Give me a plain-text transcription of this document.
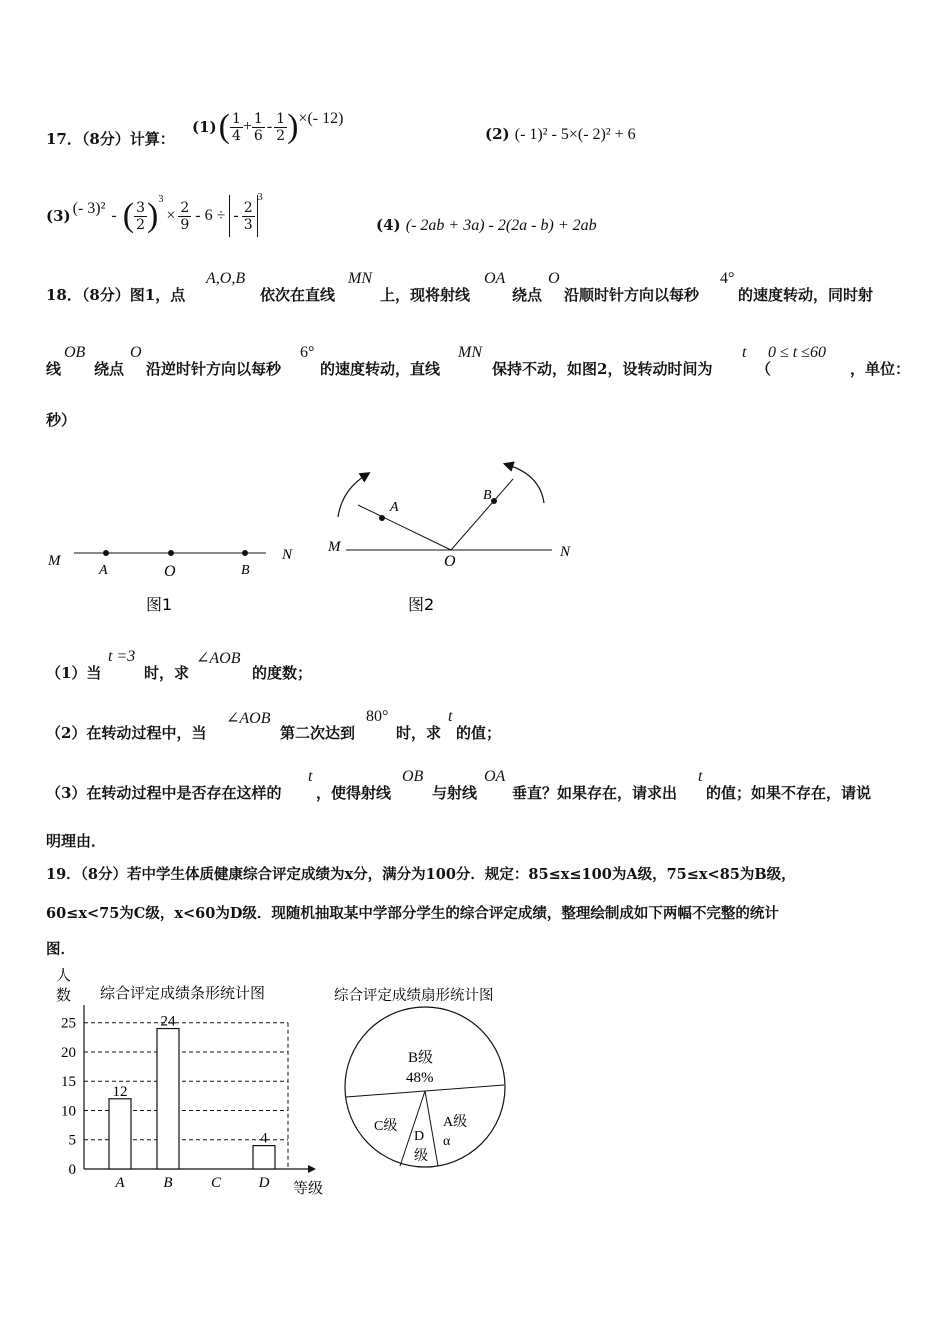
17．（8分）计算：
(1) ( $\frac{1}{4} + \frac{1}{6} - \frac{1}{2}$ ) ×(- 12)
(2) (- 1)² - 5×(- 2)² + 6
(3) (- 3)² - ( $\frac{3}{2} )^3$
× $\frac{2}{9} - 6$ ÷ - $\frac{2}{3}$
$^3$
(4) (- 2ab + 3a) - 2(2a - b) + 2ab
18．（8分）图1，点
A,O,B
依次在直线
MN
上，现将射线
OA
绕点
O
沿顺时针方向以每秒
4°
的速度转动，同时射
线
OB
绕点
O
沿逆时针方向以每秒
6°
的速度转动，直线
MN
保持不动，如图2，设转动时间为
t
（
0 ≤ t ≤60
，单位：
秒）
M
A	O	B
N
图1
M
A
O
B
N
图2
（1）当
t =3
时，求
∠AOB
的度数；
（2）在转动过程中，当
∠AOB
第二次达到
80°
时，求
t
的值；
（3）在转动过程中是否存在这样的
t
，使得射线
OB
与射线
OA
垂直？如果存在，请求出
t
的值；如果不存在，请说
明理由．
19．（8分）若中学生体质健康综合评定成绩为x分，满分为100分．规定：85≤x≤100为A级，75≤x<85为B级，
60≤x<75为C级，x<60为D级．现随机抽取某中学部分学生的综合评定成绩，整理绘制成如下两幅不完整的统计
图．
人
数 综合评定成绩条形统计图
0
5
10
15
20
25
12
A
24
B	C
4
D 等级
综合评定成绩扇形统计图
B级
48%
C级
D
级
A级
α
